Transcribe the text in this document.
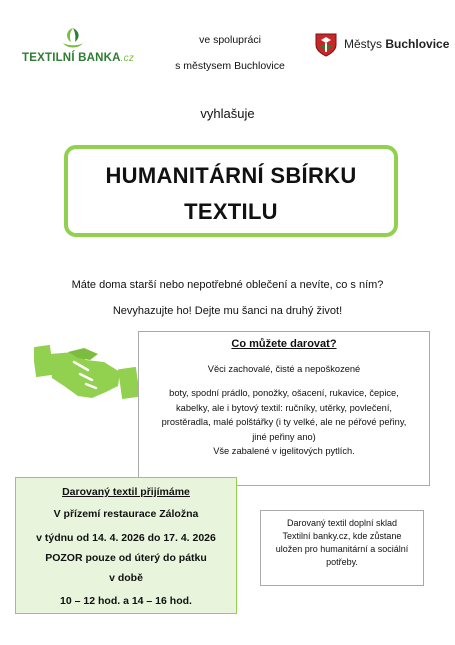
TEXTILNÍ BANKA.cz
ve spolupráci
s městysem Buchlovice
Městys Buchlovice
vyhlašuje
HUMANITÁRNÍ SBÍRKU
TEXTILU
Máte doma starší nebo nepotřebné oblečení a nevíte, co s ním?
Nevyhazujte ho! Dejte mu šanci na druhý život!
Co můžete darovat?
Věci zachovalé, čisté a nepoškozené
boty, spodní prádlo, ponožky, ošacení, rukavice, čepice,
kabelky, ale i bytový textil: ručníky, utěrky, povlečení,
prostěradla, malé polštářky (i ty velké, ale ne péřové peřiny,
jiné peřiny ano)
Vše zabalené v igelitových pytlích.
Darovaný textil přijímáme
V přízemí restaurace Záložna
v týdnu od 14. 4. 2026 do 17. 4. 2026
POZOR pouze od úterý do pátku
v době
10 – 12 hod. a 14 – 16 hod.
Darovaný textil doplní sklad
Textilní banky.cz, kde zůstane
uložen pro humanitární a sociální
potřeby.
